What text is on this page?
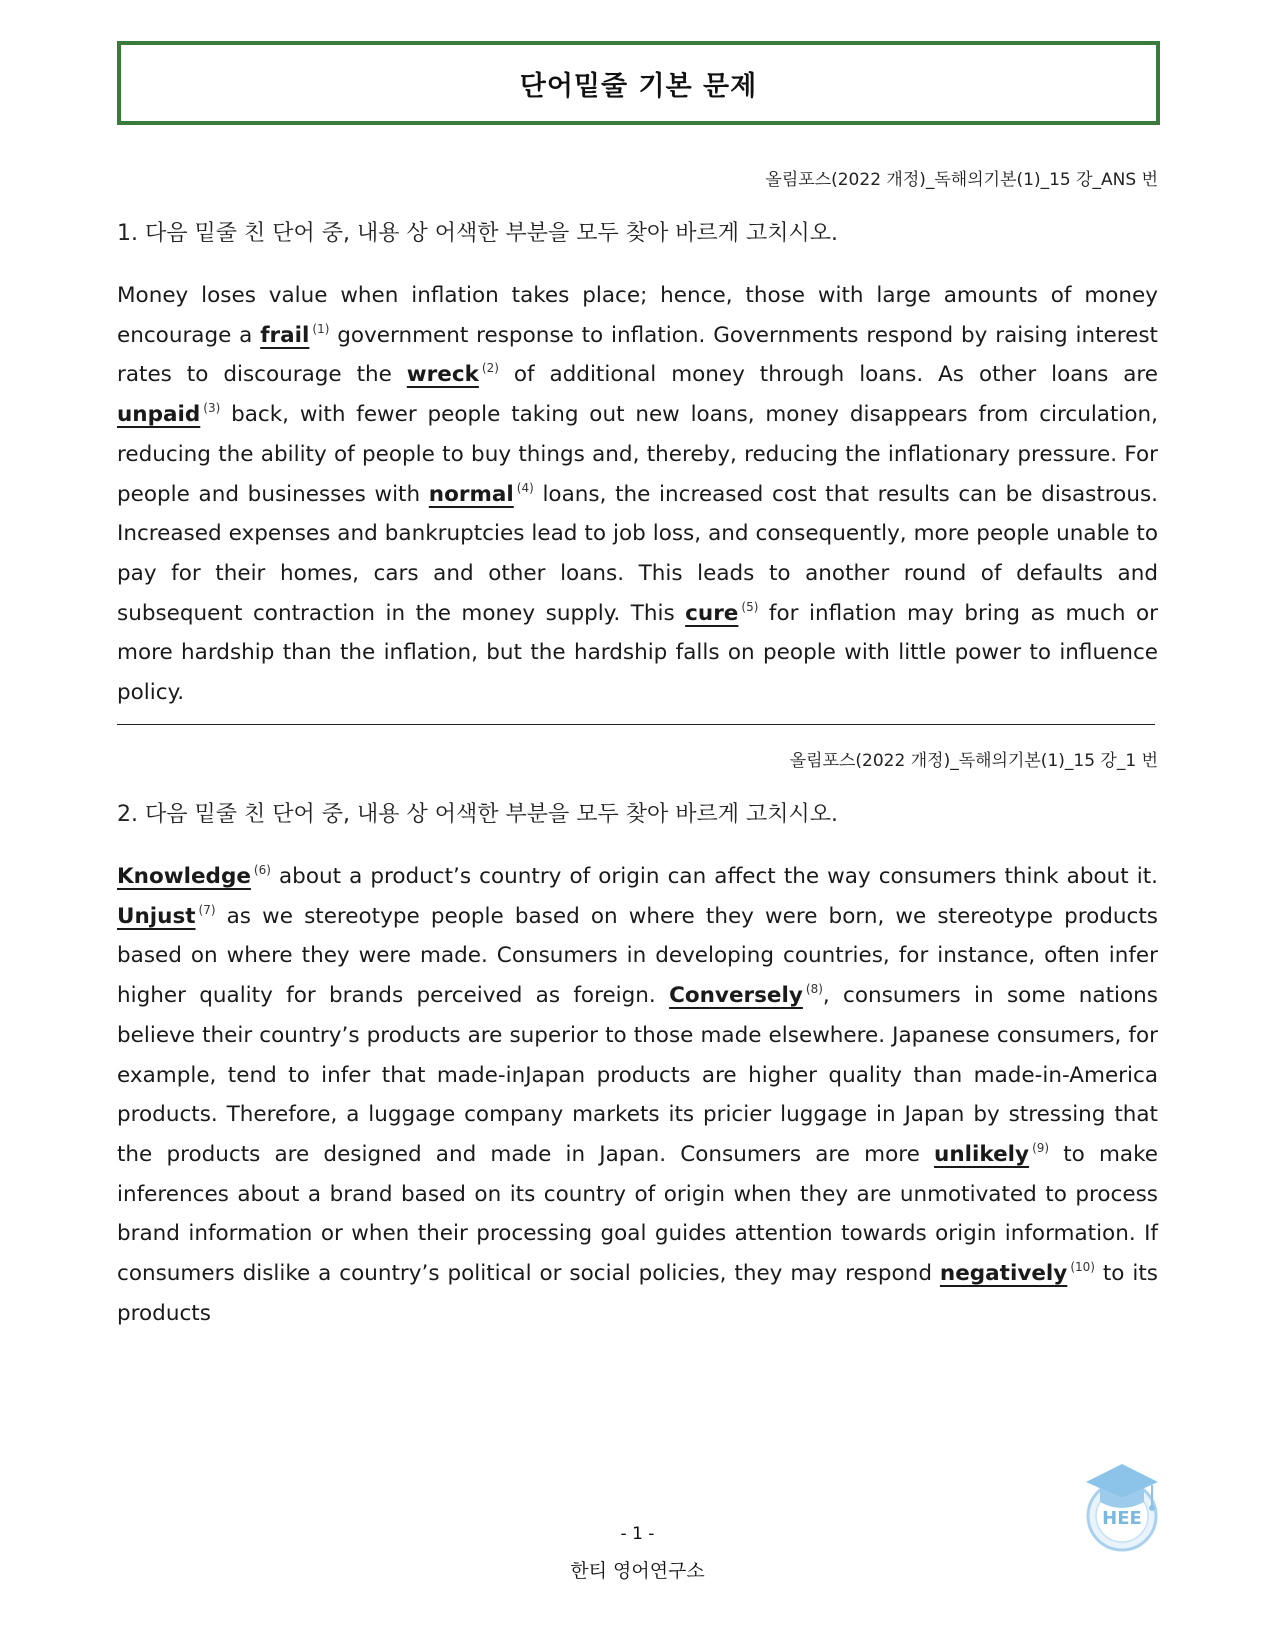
단어밑줄 기본 문제
올림포스(2022 개정)_독해의기본(1)_15 강_ANS 번
1. 다음 밑줄 친 단어 중, 내용 상 어색한 부분을 모두 찾아 바르게 고치시오.

Money loses value when inflation takes place; hence, those with large amounts of money encourage a frail $^{(1)}$ government response to inflation. Governments respond by raising interest rates to discourage the wreck $^{(2)}$ of additional money through loans. As other loans are unpaid $^{(3)}$ back, with fewer people taking out new loans, money disappears from circulation, reducing the ability of people to buy things and, thereby, reducing the inflationary pressure. For people and businesses with normal $^{(4)}$ loans, the increased cost that results can be disastrous. Increased expenses and bankruptcies lead to job loss, and consequently, more people unable to pay for their homes, cars and other loans. This leads to another round of defaults and subsequent contraction in the money supply. This cure $^{(5)}$ for inflation may bring as much or more hardship than the inflation, but the hardship falls on people with little power to influence policy.

올림포스(2022 개정)_독해의기본(1)_15 강_1 번
2. 다음 밑줄 친 단어 중, 내용 상 어색한 부분을 모두 찾아 바르게 고치시오.

Knowledge $^{(6)}$ about a product’s country of origin can affect the way consumers think about it. Unjust $^{(7)}$ as we stereotype people based on where they were born, we stereotype products based on where they were made. Consumers in developing countries, for instance, often infer higher quality for brands perceived as foreign. Conversely $^{(8)}$, consumers in some nations believe their country’s products are superior to those made elsewhere. Japanese consumers, for example, tend to infer that made-inJapan products are higher quality than made-in-America products. Therefore, a luggage company markets its pricier luggage in Japan by stressing that the products are designed and made in Japan. Consumers are more unlikely $^{(9)}$ to make inferences about a brand based on its country of origin when they are unmotivated to process brand information or when their processing goal guides attention towards origin information. If consumers dislike a country’s political or social policies, they may respond negatively $^{(10)}$ to its products

HEE
- 1 -
한티 영어연구소
